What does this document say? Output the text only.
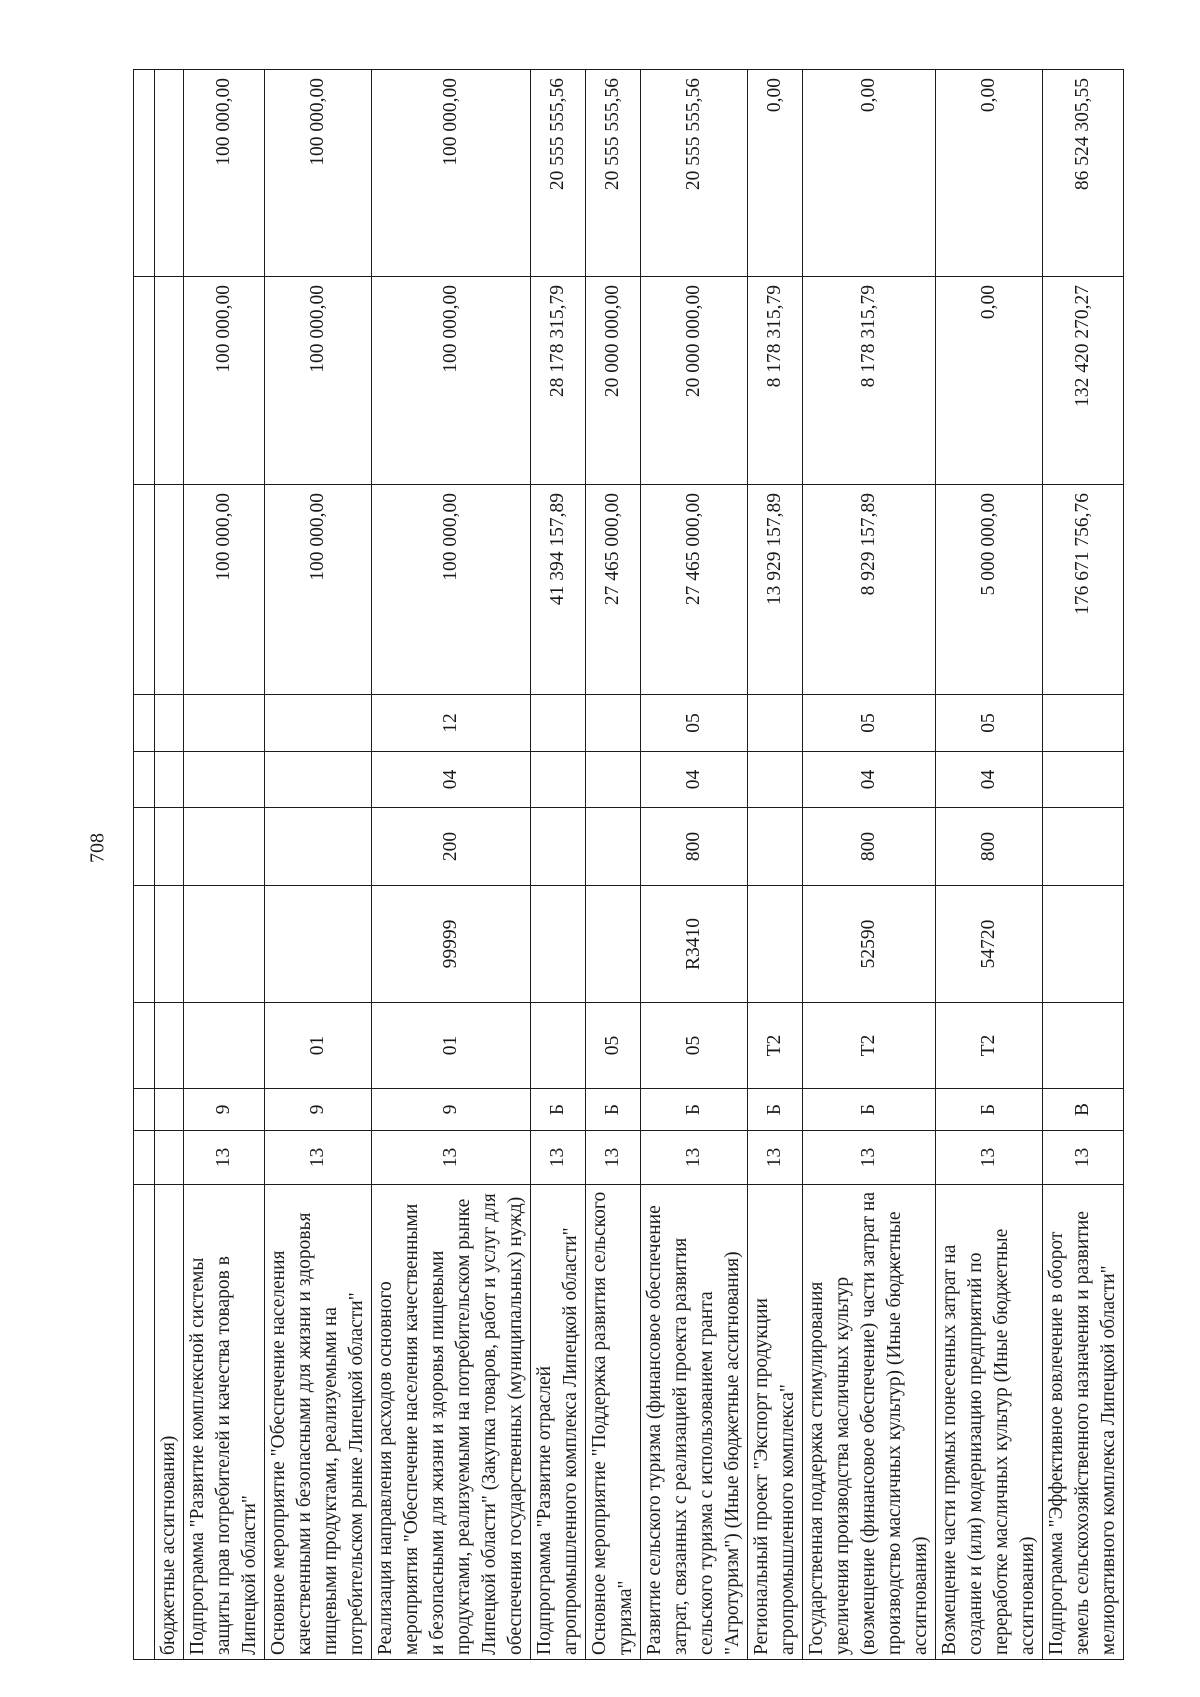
708

бюджетные ассигнования)										
Подпрограмма "Развитие комплексной системы защиты прав потребителей и качества товаров в Липецкой области"	13	9						100 000,00	100 000,00	100 000,00
Основное мероприятие "Обеспечение населения качественными и безопасными для жизни и здоровья пищевыми продуктами, реализуемыми на потребительском рынке Липецкой области"	13	9	01					100 000,00	100 000,00	100 000,00
Реализация направления расходов основного мероприятия "Обеспечение населения качественными и безопасными для жизни и здоровья пищевыми продуктами, реализуемыми на потребительском рынке Липецкой области" (Закупка товаров, работ и услуг для обеспечения государственных (муниципальных) нужд)	13	9	01	99999	200	04	12	100 000,00	100 000,00	100 000,00
Подпрограмма "Развитие отраслей агропромышленного комплекса Липецкой области"	13	Б						41 394 157,89	28 178 315,79	20 555 555,56
Основное мероприятие "Поддержка развития сельского туризма"	13	Б	05					27 465 000,00	20 000 000,00	20 555 555,56
Развитие сельского туризма (финансовое обеспечение затрат, связанных с реализацией проекта развития сельского туризма с использованием гранта "Агротуризм") (Иные бюджетные ассигнования)	13	Б	05	R3410	800	04	05	27 465 000,00	20 000 000,00	20 555 555,56
Региональный проект "Экспорт продукции агропромышленного комплекса"	13	Б	Т2					13 929 157,89	8 178 315,79	0,00
Государственная поддержка стимулирования увеличения производства масличных культур (возмещение (финансовое обеспечение) части затрат на производство масличных культур) (Иные бюджетные ассигнования)	13	Б	Т2	52590	800	04	05	8 929 157,89	8 178 315,79	0,00
Возмещение части прямых понесенных затрат на создание и (или) модернизацию предприятий по переработке масличных культур (Иные бюджетные ассигнования)	13	Б	Т2	54720	800	04	05	5 000 000,00	0,00	0,00
Подпрограмма "Эффективное вовлечение в оборот земель сельскохозяйственного назначения и развитие мелиоративного комплекса Липецкой области"	13	В						176 671 756,76	132 420 270,27	86 524 305,55
